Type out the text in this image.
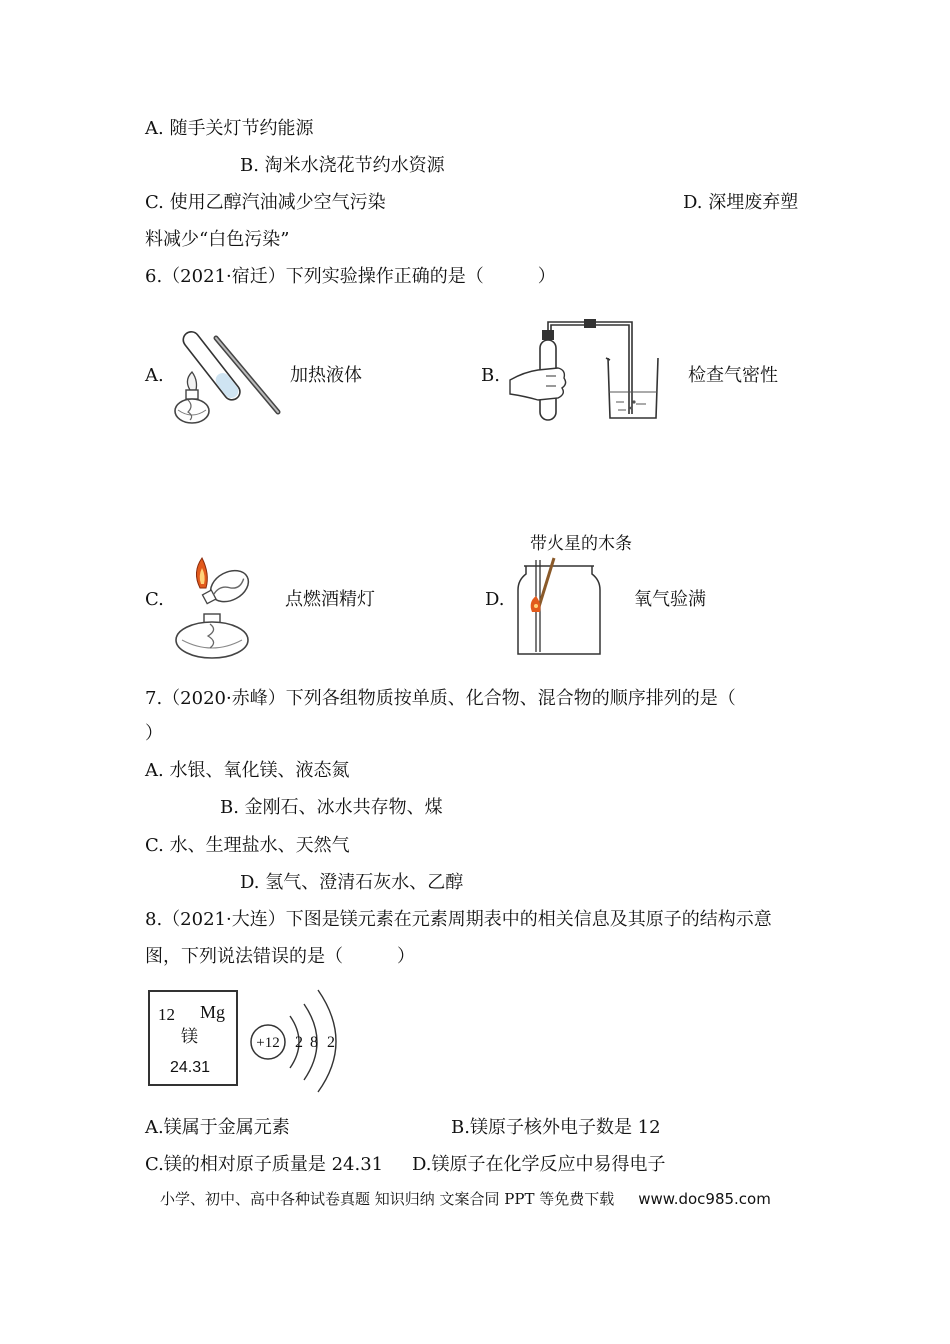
A. 随手关灯节约能源
B. 淘米水浇花节约水资源
C. 使用乙醇汽油减少空气污染	D. 深埋废弃塑
料减少“白色污染”
6.（2021·宿迁）下列实验操作正确的是（　　　）
A.	加热液体	B.	检查气密性
C.	点燃酒精灯	D.
带火星的木条
氧气验满
7.（2020·赤峰）下列各组物质按单质、化合物、混合物的顺序排列的是（
）
A. 水银、氧化镁、液态氮
B. 金刚石、冰水共存物、煤
C. 水、生理盐水、天然气
D. 氢气、澄清石灰水、乙醇
8.（2021·大连）下图是镁元素在元素周期表中的相关信息及其原子的结构示意
图，下列说法错误的是（　　　）
12 Mg
镁
24.31
+12 2 8 2
A.镁属于金属元素	B.镁原子核外电子数是 12
C.镁的相对原子质量是 24.31 D.镁原子在化学反应中易得电子
小学、初中、高中各种试卷真题 知识归纳 文案合同 PPT 等免费下载 www.doc985.com
